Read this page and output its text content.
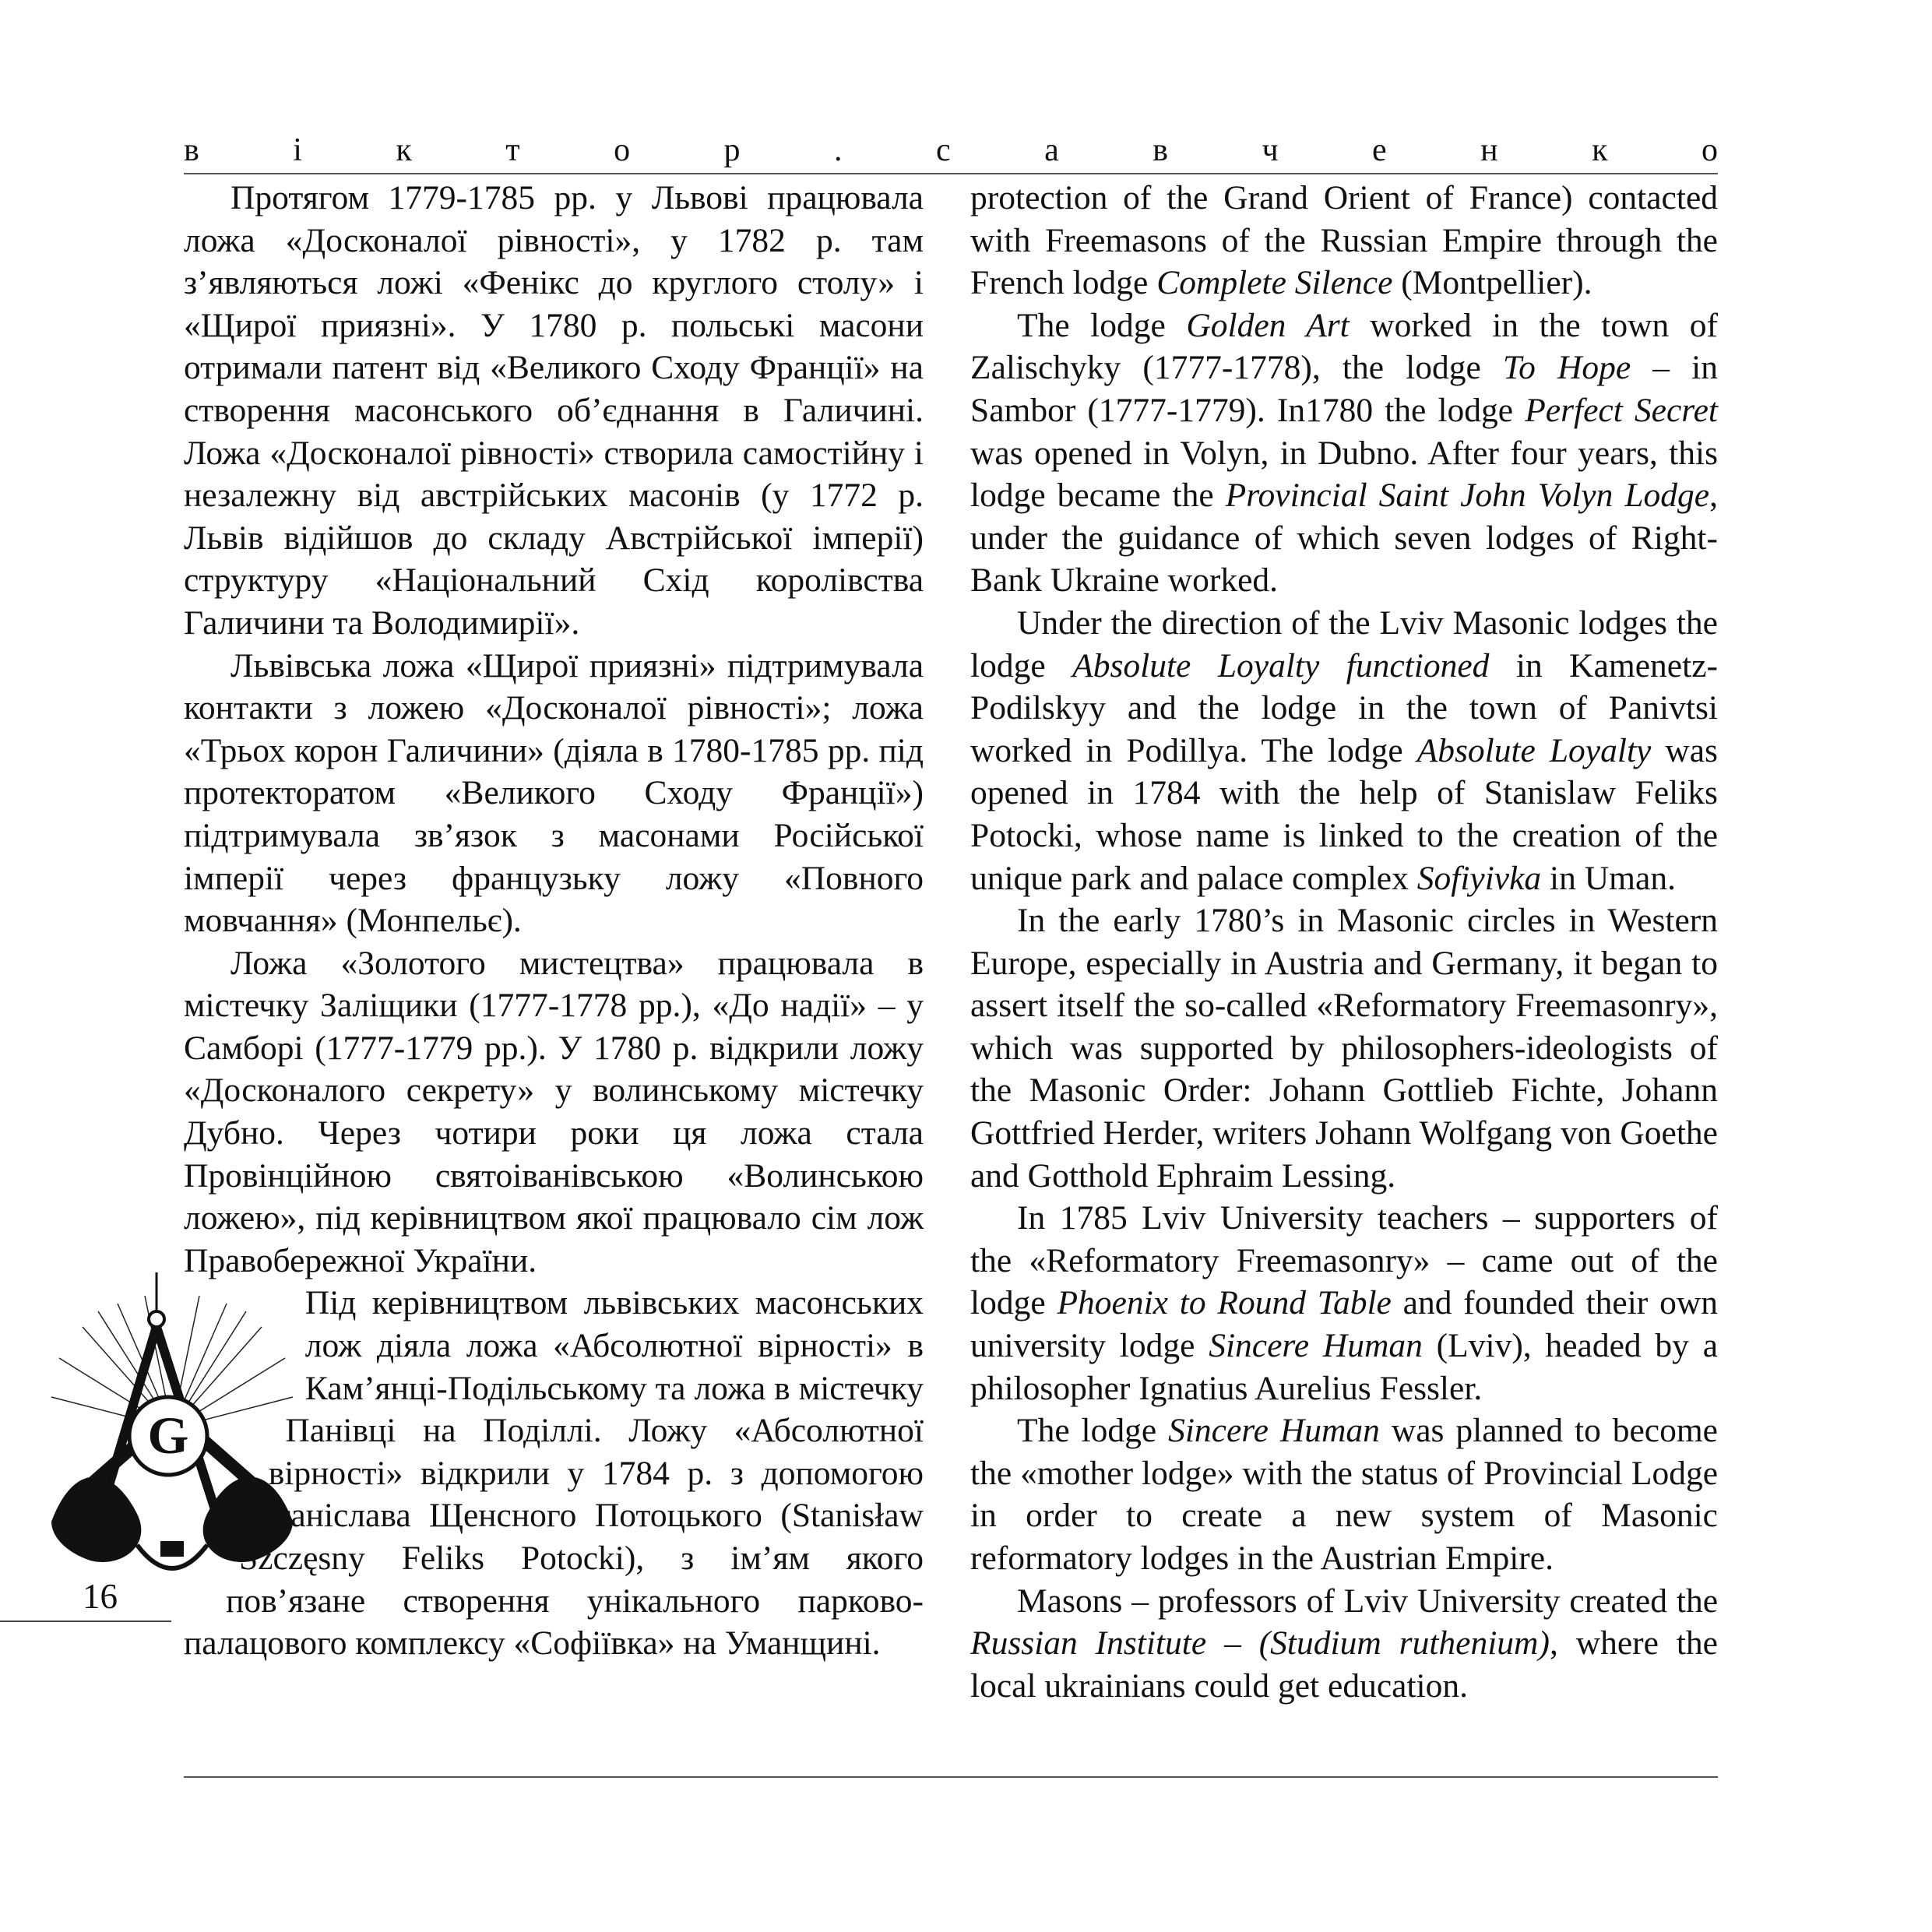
в	і	к	т	о	р	.	с	а	в	ч	е	н	к	о

Протягом 1779-1785 рр. у Львові працювала ложа «Досконалої рівності», у 1782 р. там з’являються ложі «Фенікс до круглого столу» і «Щирої приязні». У 1780 р. польські масони отримали патент від «Великого Сходу Франції» на створення масонського об’єднання в Галичині. Ложа «Досконалої рівності» створила самостійну і незалежну від австрійських масонів (у 1772 р. Львів відійшов до складу Австрійської імперії) структуру «Національний Схід королівства Галичини та Володимирії».

Львівська ложа «Щирої приязні» підтримувала контакти з ложею «Досконалої рівності»; ложа «Трьох корон Галичини» (діяла в 1780-1785 рр. під протекторатом «Великого Сходу Франції») підтримувала зв’язок з масонами Російської імперії через французьку ложу «Повного мовчання» (Монпельє).

Ложа «Золотого мистецтва» працювала в містечку Заліщики (1777-1778 рр.), «До надії» – у Самборі (1777-1779 рр.). У 1780 р. відкрили ложу «Досконалого секрету» у волинському містечку Дубно. Через чотири роки ця ложа стала Провінційною святоіванівською «Волинською ложею», під керівництвом якої працювало сім лож Правобережної України.

G
Під керівництвом львівських масонських лож діяла ложа «Абсолютної вірності» в Кам’янці-Подільському та ложа в містечку Панівці на Поділлі. Ложу «Абсолютної вірності» відкрили у 1784 р. з допомогою Станіслава Щенсного Потоцького (Stanisław Szczęsny Feliks Potocki), з ім’ям якого пов’язане створення унікального парково-палацового комплексу «Софіївка» на Уманщині.

protection of the Grand Orient of France) contacted with Freemasons of the Russian Empire through the French lodge Complete Silence (Montpellier).

The lodge Golden Art worked in the town of Zalischyky (1777-1778), the lodge To Hope – in Sambor (1777-1779). In1780 the lodge Perfect Secret was opened in Volyn, in Dubno. After four years, this lodge became the Provincial Saint John Volyn Lodge, under the guidance of which seven lodges of Right-Bank Ukraine worked.

Under the direction of the Lviv Masonic lodges the lodge Absolute Loyalty functioned in Kamenetz-Podilskyy and the lodge in the town of Panivtsi worked in Podillya. The lodge Absolute Loyalty was opened in 1784 with the help of Stanislaw Feliks Potocki, whose name is linked to the creation of the unique park and palace complex Sofiyivka in Uman.

In the early 1780’s in Masonic circles in Western Europe, especially in Austria and Germany, it began to assert itself the so-called «Reformatory Freemasonry», which was supported by philosophers-ideologists of the Masonic Order: Johann Gottlieb Fichte, Johann Gottfried Herder, writers Johann Wolfgang von Goethe and Gotthold Ephraim Lessing.

In 1785 Lviv University teachers – supporters of the «Reformatory Freemasonry» – came out of the lodge Phoenix to Round Table and founded their own university lodge Sincere Human (Lviv), headed by a philosopher Ignatius Aurelius Fessler.

The lodge Sincere Human was planned to become the «mother lodge» with the status of Provincial Lodge in order to create a new system of Masonic reformatory lodges in the Austrian Empire.

Masons – professors of Lviv University created the Russian Institute – (Studium ruthenium), where the local ukrainians could get education.

16
